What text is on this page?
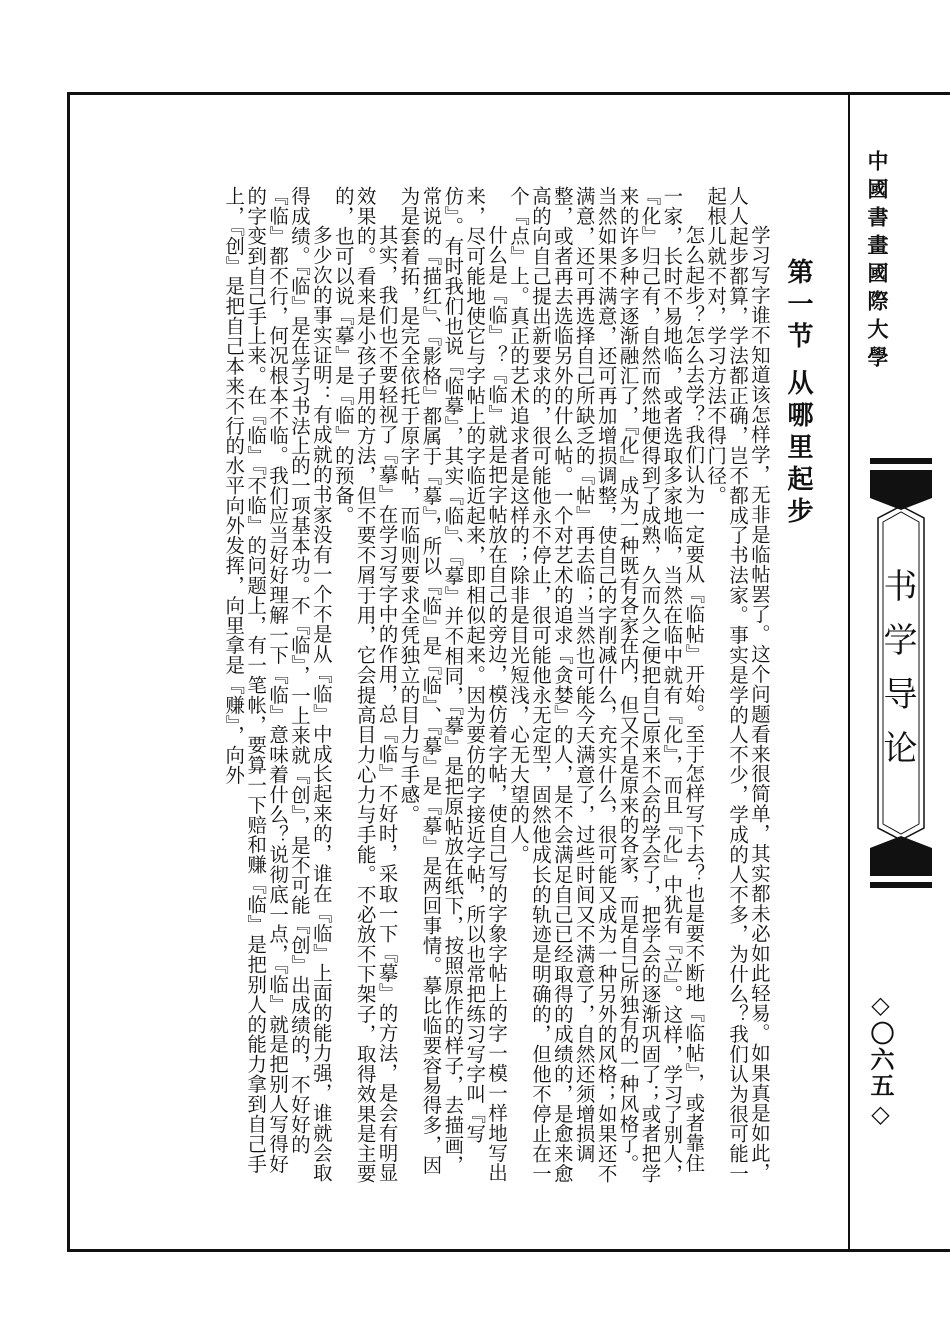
中國書畫國際大學
书学导论
◇〇六五◇
第一节 从哪里起步

学习写字谁不知道该怎样学，无非是临帖罢了。这个问题看来很简单，其实都未必如此轻易。如果真是如此，人人起步都算，学法都正确，岂不都成了书法家。事实是学的人不少，学成的人不多，为什么？我们认为很可能一起根儿就不对，学习方法不得门径。

怎么起步？怎么去学？我们认为一定要从『临帖』开始。至于怎样写下去？也是要不断地『临帖』，或者靠住一家，长时不易地临，或者选取多家地临，当然在临中就有『化』，而且『化』中犹有『立』。这样，学习了别人，『化』归己有，自然而然地便得到了成熟，久而久之便把自己原来不会的学会了，把学会的逐渐巩固了；或者把学来的许多种字逐渐融汇了，『化』成为一种既有各家在内，但又不是原来的各家，而是自己所独有的一种风格了。当然如果不满意，还可再加增损调整，使自己的字削减什么，充实什么，很可能又成为一种另外的风格；如果还不满意，还可再选择自己所缺乏的『帖』再去临；当然也可能今天满意了，过些时间又不满意了，自然还须增损调整，或者再去选临另外的什么帖。一个对艺术的追求『贪婪』的人，是不会满足自己已经取得的成绩的，是愈来愈高的向自己提出新要求的，很可能他永不停止，很可能他永无定型，固然他成长的轨迹是明确的，但他不停止在一个『点』上。真正的艺术追求者是这样的；除非是目光短浅，心无大望的人。

什么是『临』？『临』就是把字帖放在自己的旁边，模仿着字帖，使自己写的字象字帖上的字一模一样地写出来，尽可能地使它与字帖上的字临近起来，即相似起来。因为要仿的字接近字帖，所以也常把练习写字叫『写仿』。有时我们也说『临摹』，其实『临』、『摹』并不相同，『摹』是把原帖放在纸下，按照原作的样子，去描画，常说的『描红』、『影格』都属于『摹』，所以『临』是『临』、『摹』是『摹』是两回事情。摹比临要容易得多，因为是套着拓，是完全依托于原字帖，而临则要求全凭独立的目力与手感。

其实，我们也不要轻视了『摹』在学习写字中的作用，总『临』不好时，采取一下『摹』的方法，是会有明显效果的。看来是小孩子用的方法，但不要不屑于用，它会提高目力心力与手能。不必放不下架子，取得效果是主要的，也可以说『摹』是『临』的预备。

多少次的事实证明：有成就的书家没有一个不是从『临』中成长起来的，谁在『临』上面的能力强，谁就会取得成绩。『临』是在学习书法上的一项基本功。不『临』，一上来就『创』，是不可能『创』出成绩的，不好好的『临』都不行，何况根本不临。我们应当好好理解一下『临』意味着什么？说彻底一点，『临』就是把别人写得好的字变到自己手上来。在『临』『不临』的问题上，有一笔帐，要算一下赔和赚『临』是把别人的能力拿到自己手上，『创』是把自己本来不行的水平向外发挥，向里拿是『赚』，向外
